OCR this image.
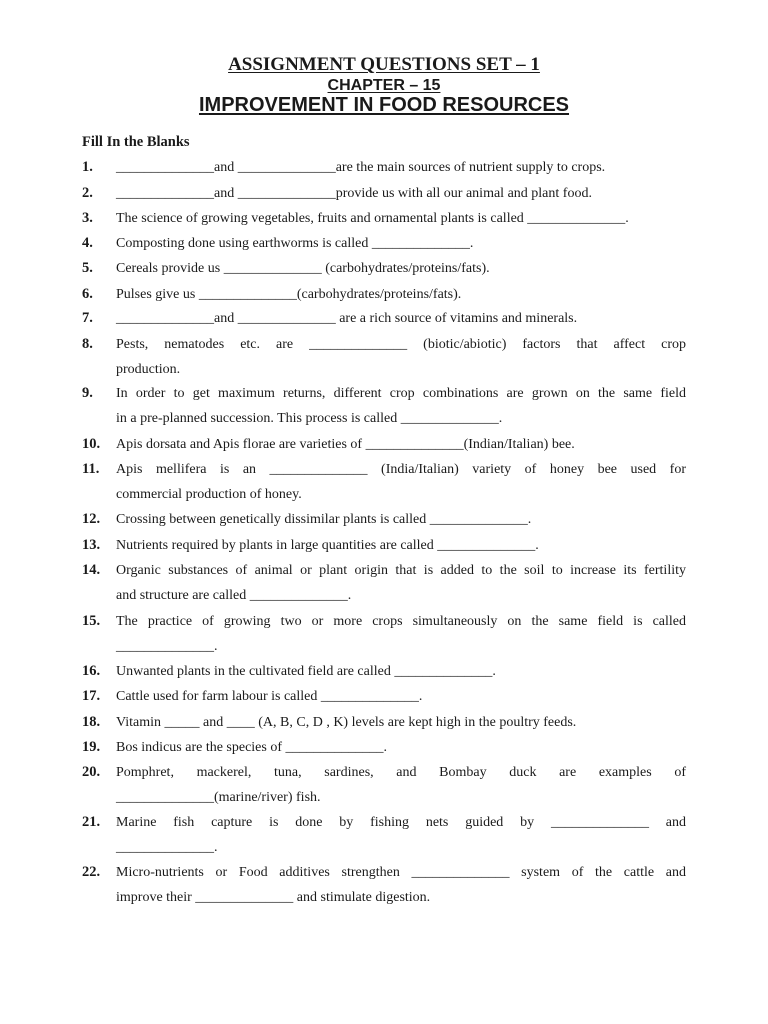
ASSIGNMENT QUESTIONS SET – 1
CHAPTER – 15
IMPROVEMENT IN FOOD RESOURCES
Fill In the Blanks
1.	______________and ______________are the main sources of nutrient supply to crops.
2.	______________and ______________provide us with all our animal and plant food.
3.	The science of growing vegetables, fruits and ornamental plants is called ______________.
4.	Composting done using earthworms is called ______________.
5.	Cereals provide us ______________ (carbohydrates/proteins/fats).
6.	Pulses give us ______________(carbohydrates/proteins/fats).
7.	______________and ______________ are a rich source of vitamins and minerals.
8.	Pests, nematodes etc. are ______________ (biotic/abiotic) factors that affect crop
production.
9.	In order to get maximum returns, different crop combinations are grown on the same field
in a pre-planned succession. This process is called ______________.
10.	Apis dorsata and Apis florae are varieties of ______________(Indian/Italian) bee.
11.	Apis mellifera is an ______________ (India/Italian) variety of honey bee used for
commercial production of honey.
12.	Crossing between genetically dissimilar plants is called ______________.
13.	Nutrients required by plants in large quantities are called ______________.
14.	Organic substances of animal or plant origin that is added to the soil to increase its fertility
and structure are called ______________.
15.	The practice of growing two or more crops simultaneously on the same field is called
______________.
16.	Unwanted plants in the cultivated field are called ______________.
17.	Cattle used for farm labour is called ______________.
18.	Vitamin _____ and ____ (A, B, C, D , K) levels are kept high in the poultry feeds.
19.	Bos indicus are the species of ______________.
20.	Pomphret, mackerel, tuna, sardines, and Bombay duck are examples of
______________(marine/river) fish.
21.	Marine fish capture is done by fishing nets guided by ______________ and
______________.
22.	Micro-nutrients or Food additives strengthen ______________ system of the cattle and
improve their ______________ and stimulate digestion.
